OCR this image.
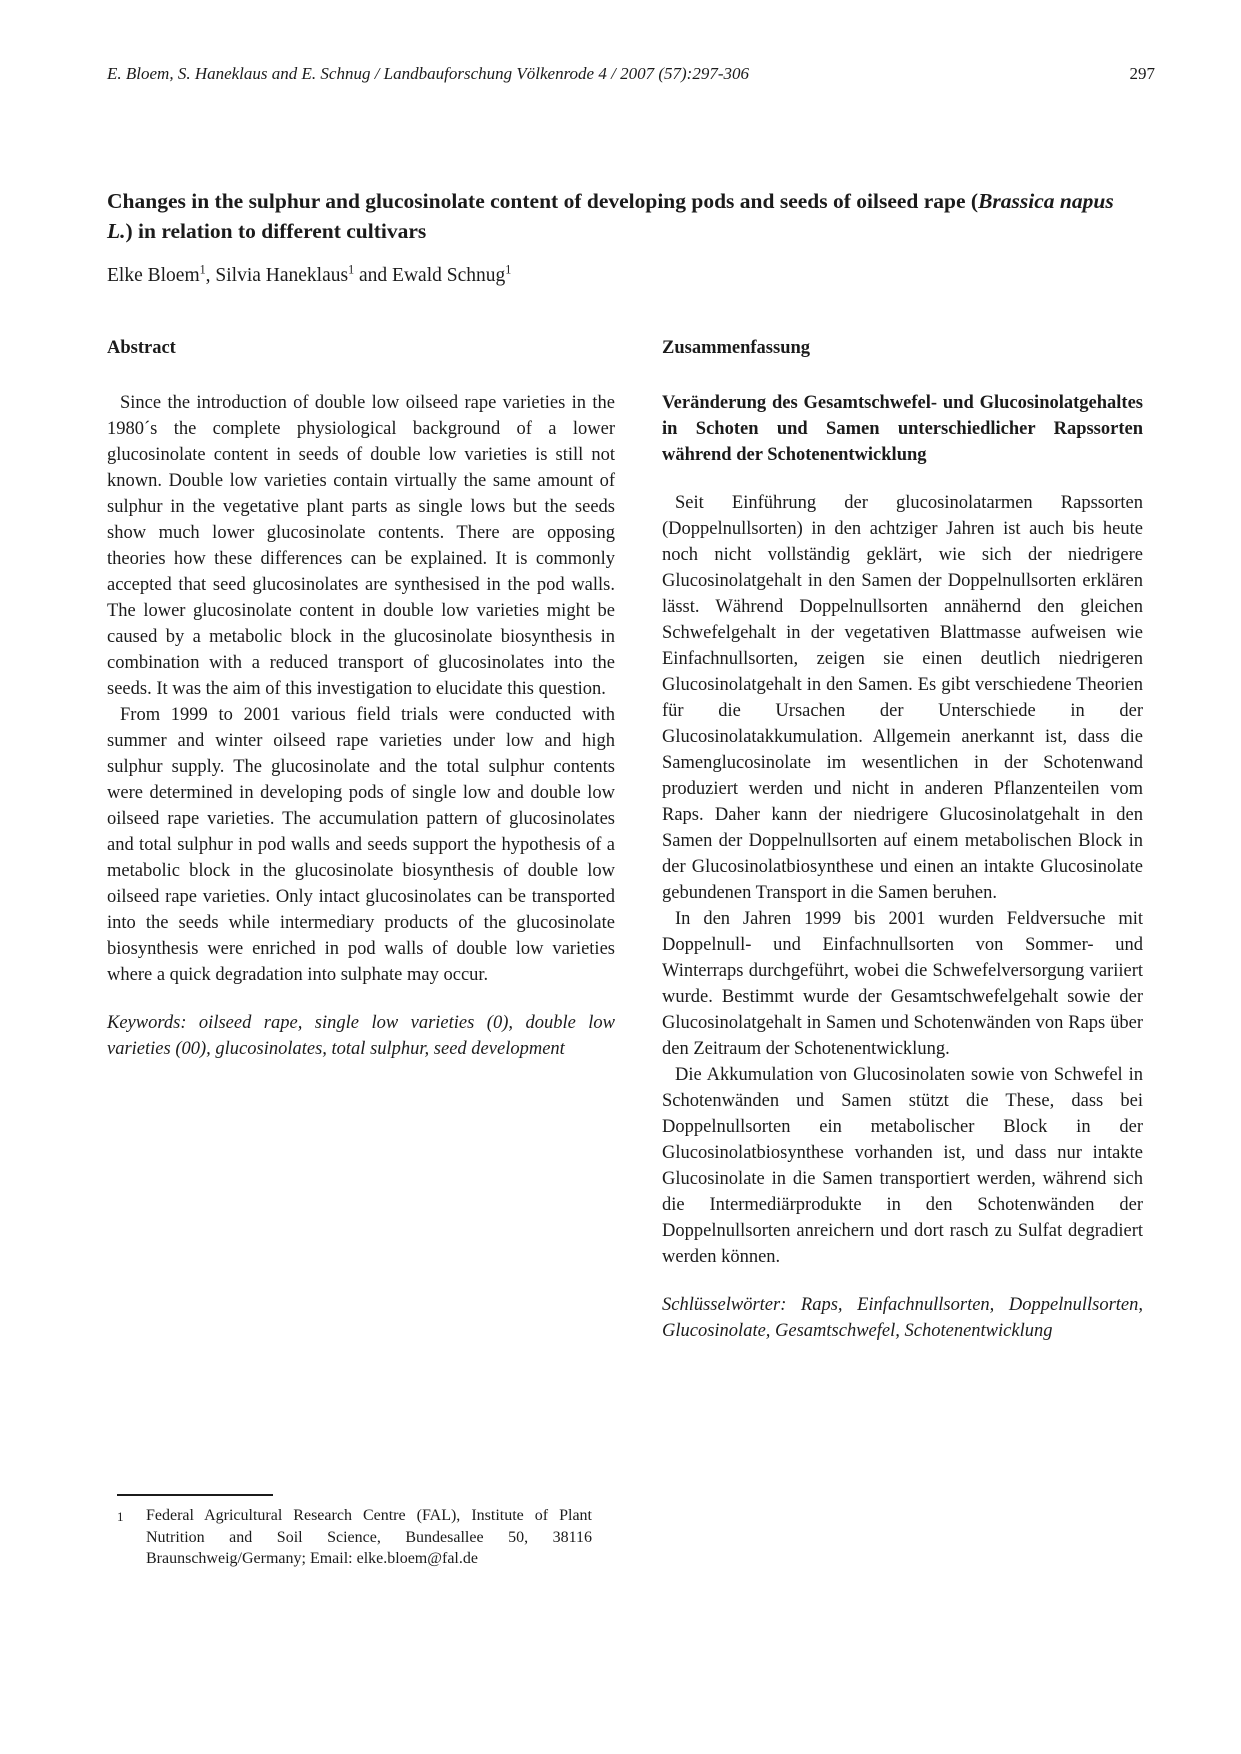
E. Bloem, S. Haneklaus and E. Schnug / Landbauforschung Völkenrode 4 / 2007 (57):297-306	297
Changes in the sulphur and glucosinolate content of developing pods and seeds of oilseed rape (Brassica napus L.) in relation to different cultivars

Elke Bloem$^1$, Silvia Haneklaus$^1$ and Ewald Schnug$^1$

Abstract

Since the introduction of double low oilseed rape varieties in the 1980´s the complete physiological background of a lower glucosinolate content in seeds of double low varieties is still not known. Double low varieties contain virtually the same amount of sulphur in the vegetative plant parts as single lows but the seeds show much lower glucosinolate contents. There are opposing theories how these differences can be explained. It is commonly accepted that seed glucosinolates are synthesised in the pod walls. The lower glucosinolate content in double low varieties might be caused by a metabolic block in the glucosinolate biosynthesis in combination with a reduced transport of glucosinolates into the seeds. It was the aim of this investigation to elucidate this question.

From 1999 to 2001 various field trials were conducted with summer and winter oilseed rape varieties under low and high sulphur supply. The glucosinolate and the total sulphur contents were determined in developing pods of single low and double low oilseed rape varieties. The accumulation pattern of glucosinolates and total sulphur in pod walls and seeds support the hypothesis of a metabolic block in the glucosinolate biosynthesis of double low oilseed rape varieties. Only intact glucosinolates can be transported into the seeds while intermediary products of the glucosinolate biosynthesis were enriched in pod walls of double low varieties where a quick degradation into sulphate may occur.

Keywords: oilseed rape, single low varieties (0), double low varieties (00), glucosinolates, total sulphur, seed development

Zusammenfassung

Veränderung des Gesamtschwefel- und Glucosinolatgehaltes in Schoten und Samen unterschiedlicher Rapssorten während der Schotenentwicklung

Seit Einführung der glucosinolatarmen Rapssorten (Doppelnullsorten) in den achtziger Jahren ist auch bis heute noch nicht vollständig geklärt, wie sich der niedrigere Glucosinolatgehalt in den Samen der Doppelnullsorten erklären lässt. Während Doppelnullsorten annähernd den gleichen Schwefelgehalt in der vegetativen Blattmasse aufweisen wie Einfachnullsorten, zeigen sie einen deutlich niedrigeren Glucosinolatgehalt in den Samen. Es gibt verschiedene Theorien für die Ursachen der Unterschiede in der Glucosinolatakkumulation. Allgemein anerkannt ist, dass die Samenglucosinolate im wesentlichen in der Schotenwand produziert werden und nicht in anderen Pflanzenteilen vom Raps. Daher kann der niedrigere Glucosinolatgehalt in den Samen der Doppelnullsorten auf einem metabolischen Block in der Glucosinolatbiosynthese und einen an intakte Glucosinolate gebundenen Transport in die Samen beruhen.

In den Jahren 1999 bis 2001 wurden Feldversuche mit Doppelnull- und Einfachnullsorten von Sommer- und Winterraps durchgeführt, wobei die Schwefelversorgung variiert wurde. Bestimmt wurde der Gesamtschwefelgehalt sowie der Glucosinolatgehalt in Samen und Schotenwänden von Raps über den Zeitraum der Schotenentwicklung.

Die Akkumulation von Glucosinolaten sowie von Schwefel in Schotenwänden und Samen stützt die These, dass bei Doppelnullsorten ein metabolischer Block in der Glucosinolatbiosynthese vorhanden ist, und dass nur intakte Glucosinolate in die Samen transportiert werden, während sich die Intermediärprodukte in den Schotenwänden der Doppelnullsorten anreichern und dort rasch zu Sulfat degradiert werden können.

Schlüsselwörter: Raps, Einfachnullsorten, Doppelnullsorten, Glucosinolate, Gesamtschwefel, Schotenentwicklung

1	Federal Agricultural Research Centre (FAL), Institute of Plant Nutrition and Soil Science, Bundesallee 50, 38116 Braunschweig/Germany; Email: elke.bloem@fal.de
